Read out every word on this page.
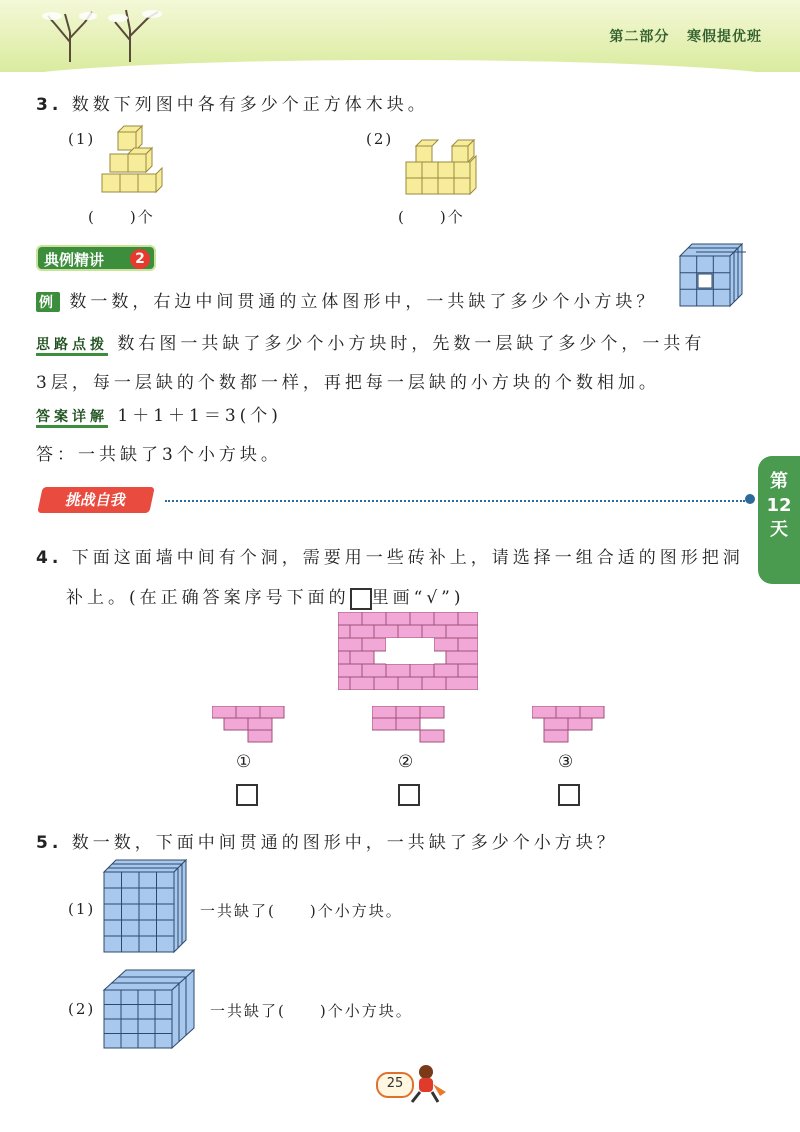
第二部分 寒假提优班
3. 数数下列图中各有多少个正方体木块。
(1)
(　　)个
(2)
(　　)个
典例精讲	2
例 数一数，右边中间贯通的立体图形中，一共缺了多少个小方块？
思路点拨 数右图一共缺了多少个小方块时，先数一层缺了多少个，一共有
3层，每一层缺的个数都一样，再把每一层缺的小方块的个数相加。
答案详解 1＋1＋1＝3(个)
答：一共缺了3个小方块。
挑战自我
第
12
天
4. 下面这面墙中间有个洞，需要用一些砖补上，请选择一组合适的图形把洞
补上。(在正确答案序号下面的 里画“√”)
①	②	③
5. 数一数，下面中间贯通的图形中，一共缺了多少个小方块？
(1)	一共缺了(　　)个小方块。
(2)	一共缺了(　　)个小方块。
25
